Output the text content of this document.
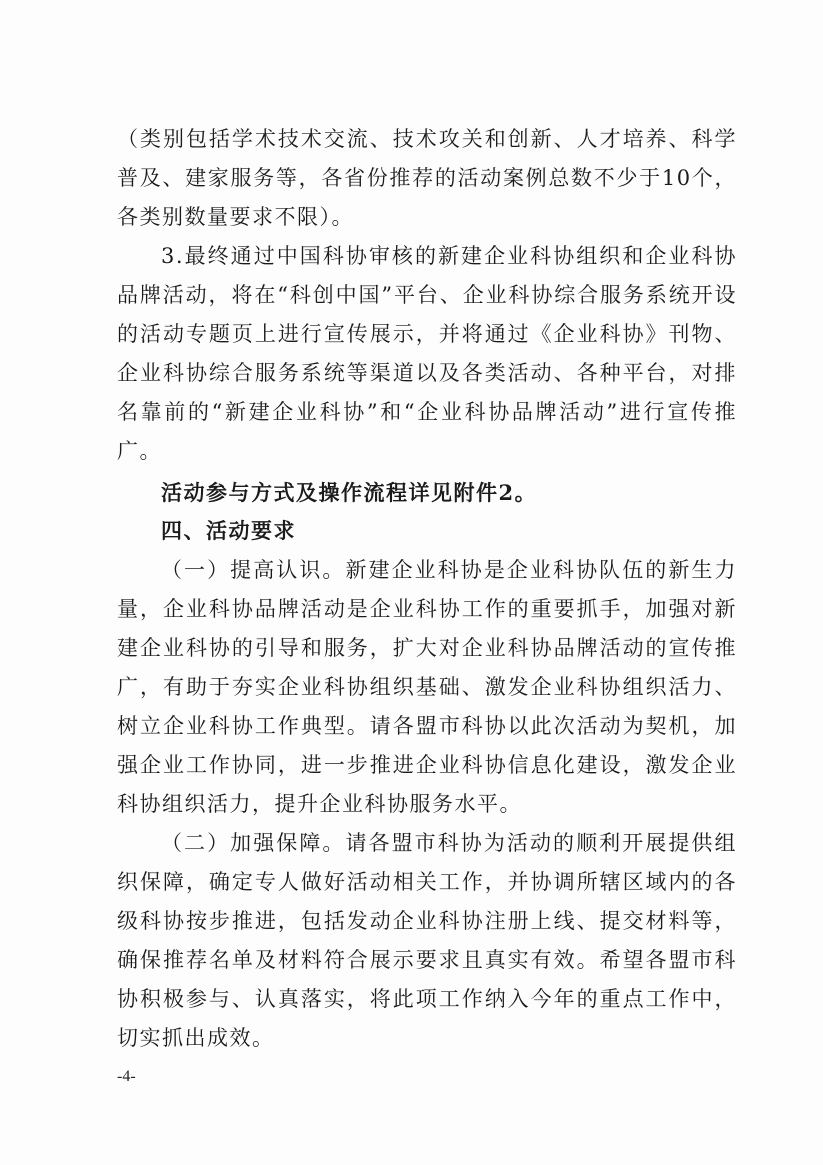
（类别包括学术技术交流、技术攻关和创新、人才培养、科学普及、建家服务等，各省份推荐的活动案例总数不少于10个，各类别数量要求不限）。

3.最终通过中国科协审核的新建企业科协组织和企业科协品牌活动，将在“科创中国”平台、企业科协综合服务系统开设的活动专题页上进行宣传展示，并将通过《企业科协》刊物、企业科协综合服务系统等渠道以及各类活动、各种平台，对排名靠前的“新建企业科协”和“企业科协品牌活动”进行宣传推广。

活动参与方式及操作流程详见附件2。

四、活动要求

（一）提高认识。新建企业科协是企业科协队伍的新生力量，企业科协品牌活动是企业科协工作的重要抓手，加强对新建企业科协的引导和服务，扩大对企业科协品牌活动的宣传推广，有助于夯实企业科协组织基础、激发企业科协组织活力、树立企业科协工作典型。请各盟市科协以此次活动为契机，加强企业工作协同，进一步推进企业科协信息化建设，激发企业科协组织活力，提升企业科协服务水平。

（二）加强保障。请各盟市科协为活动的顺利开展提供组织保障，确定专人做好活动相关工作，并协调所辖区域内的各级科协按步推进，包括发动企业科协注册上线、提交材料等，确保推荐名单及材料符合展示要求且真实有效。希望各盟市科协积极参与、认真落实，将此项工作纳入今年的重点工作中，切实抓出成效。

-4-
